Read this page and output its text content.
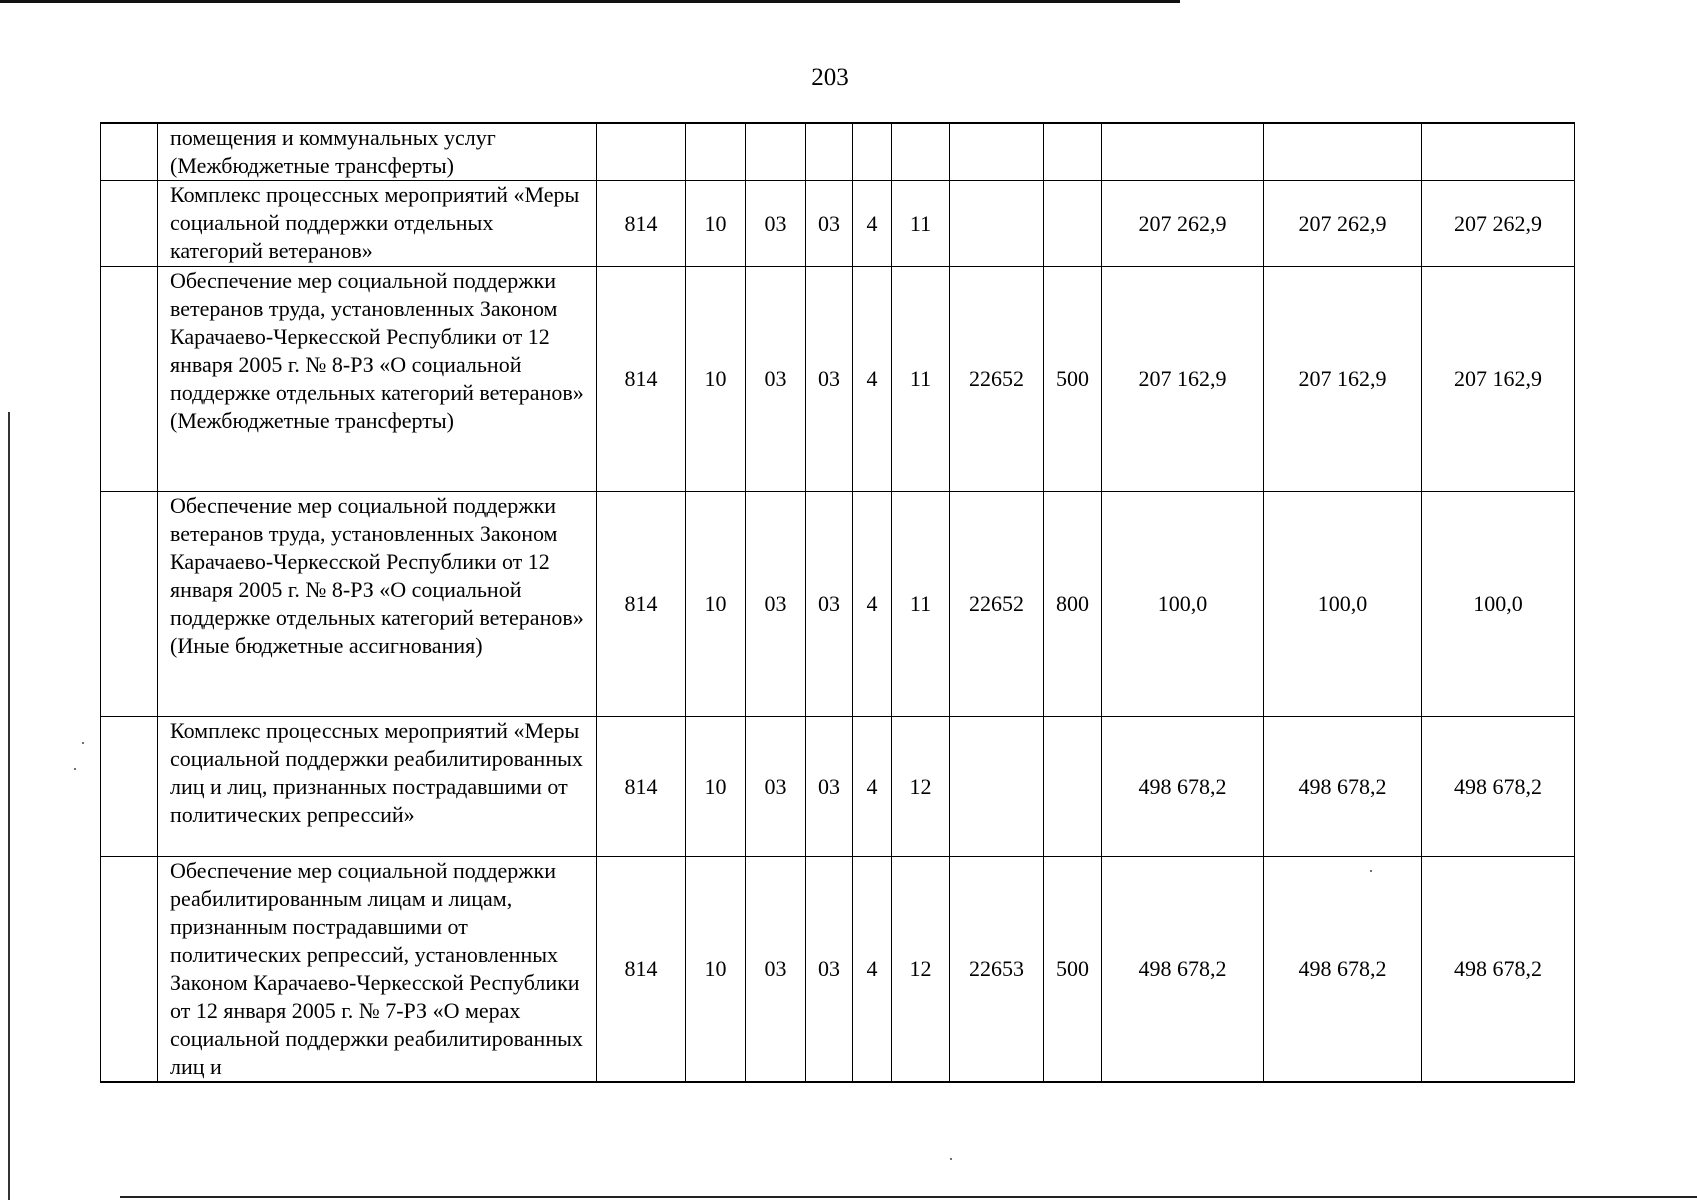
203
	помещения и коммунальных услуг (Межбюджетные трансферты)											
	Комплекс процессных мероприятий «Меры социальной поддержки отдельных категорий ветеранов»	814	10	03	03	4	11			207 262,9	207 262,9	207 262,9
	Обеспечение мер социальной поддержки ветеранов труда, установленных Законом Карачаево-Черкесской Республики от 12 января 2005 г. № 8-РЗ «О социальной поддержке отдельных категорий ветеранов» (Межбюджетные трансферты)	814	10	03	03	4	11	22652	500	207 162,9	207 162,9	207 162,9
	Обеспечение мер социальной поддержки ветеранов труда, установленных Законом Карачаево-Черкесской Республики от 12 января 2005 г. № 8-РЗ «О социальной поддержке отдельных категорий ветеранов» (Иные бюджетные ассигнования)	814	10	03	03	4	11	22652	800	100,0	100,0	100,0
	Комплекс процессных мероприятий «Меры социальной поддержки реабилитированных лиц и лиц, признанных пострадавшими от политических репрессий»	814	10	03	03	4	12			498 678,2	498 678,2	498 678,2
	Обеспечение мер социальной поддержки реабилитированным лицам и лицам, признанным пострадавшими от политических репрессий, установленных Законом Карачаево-Черкесской Республики от 12 января 2005 г. № 7-РЗ «О мерах социальной поддержки реабилитированных лиц и	814	10	03	03	4	12	22653	500	498 678,2	498 678,2	498 678,2
